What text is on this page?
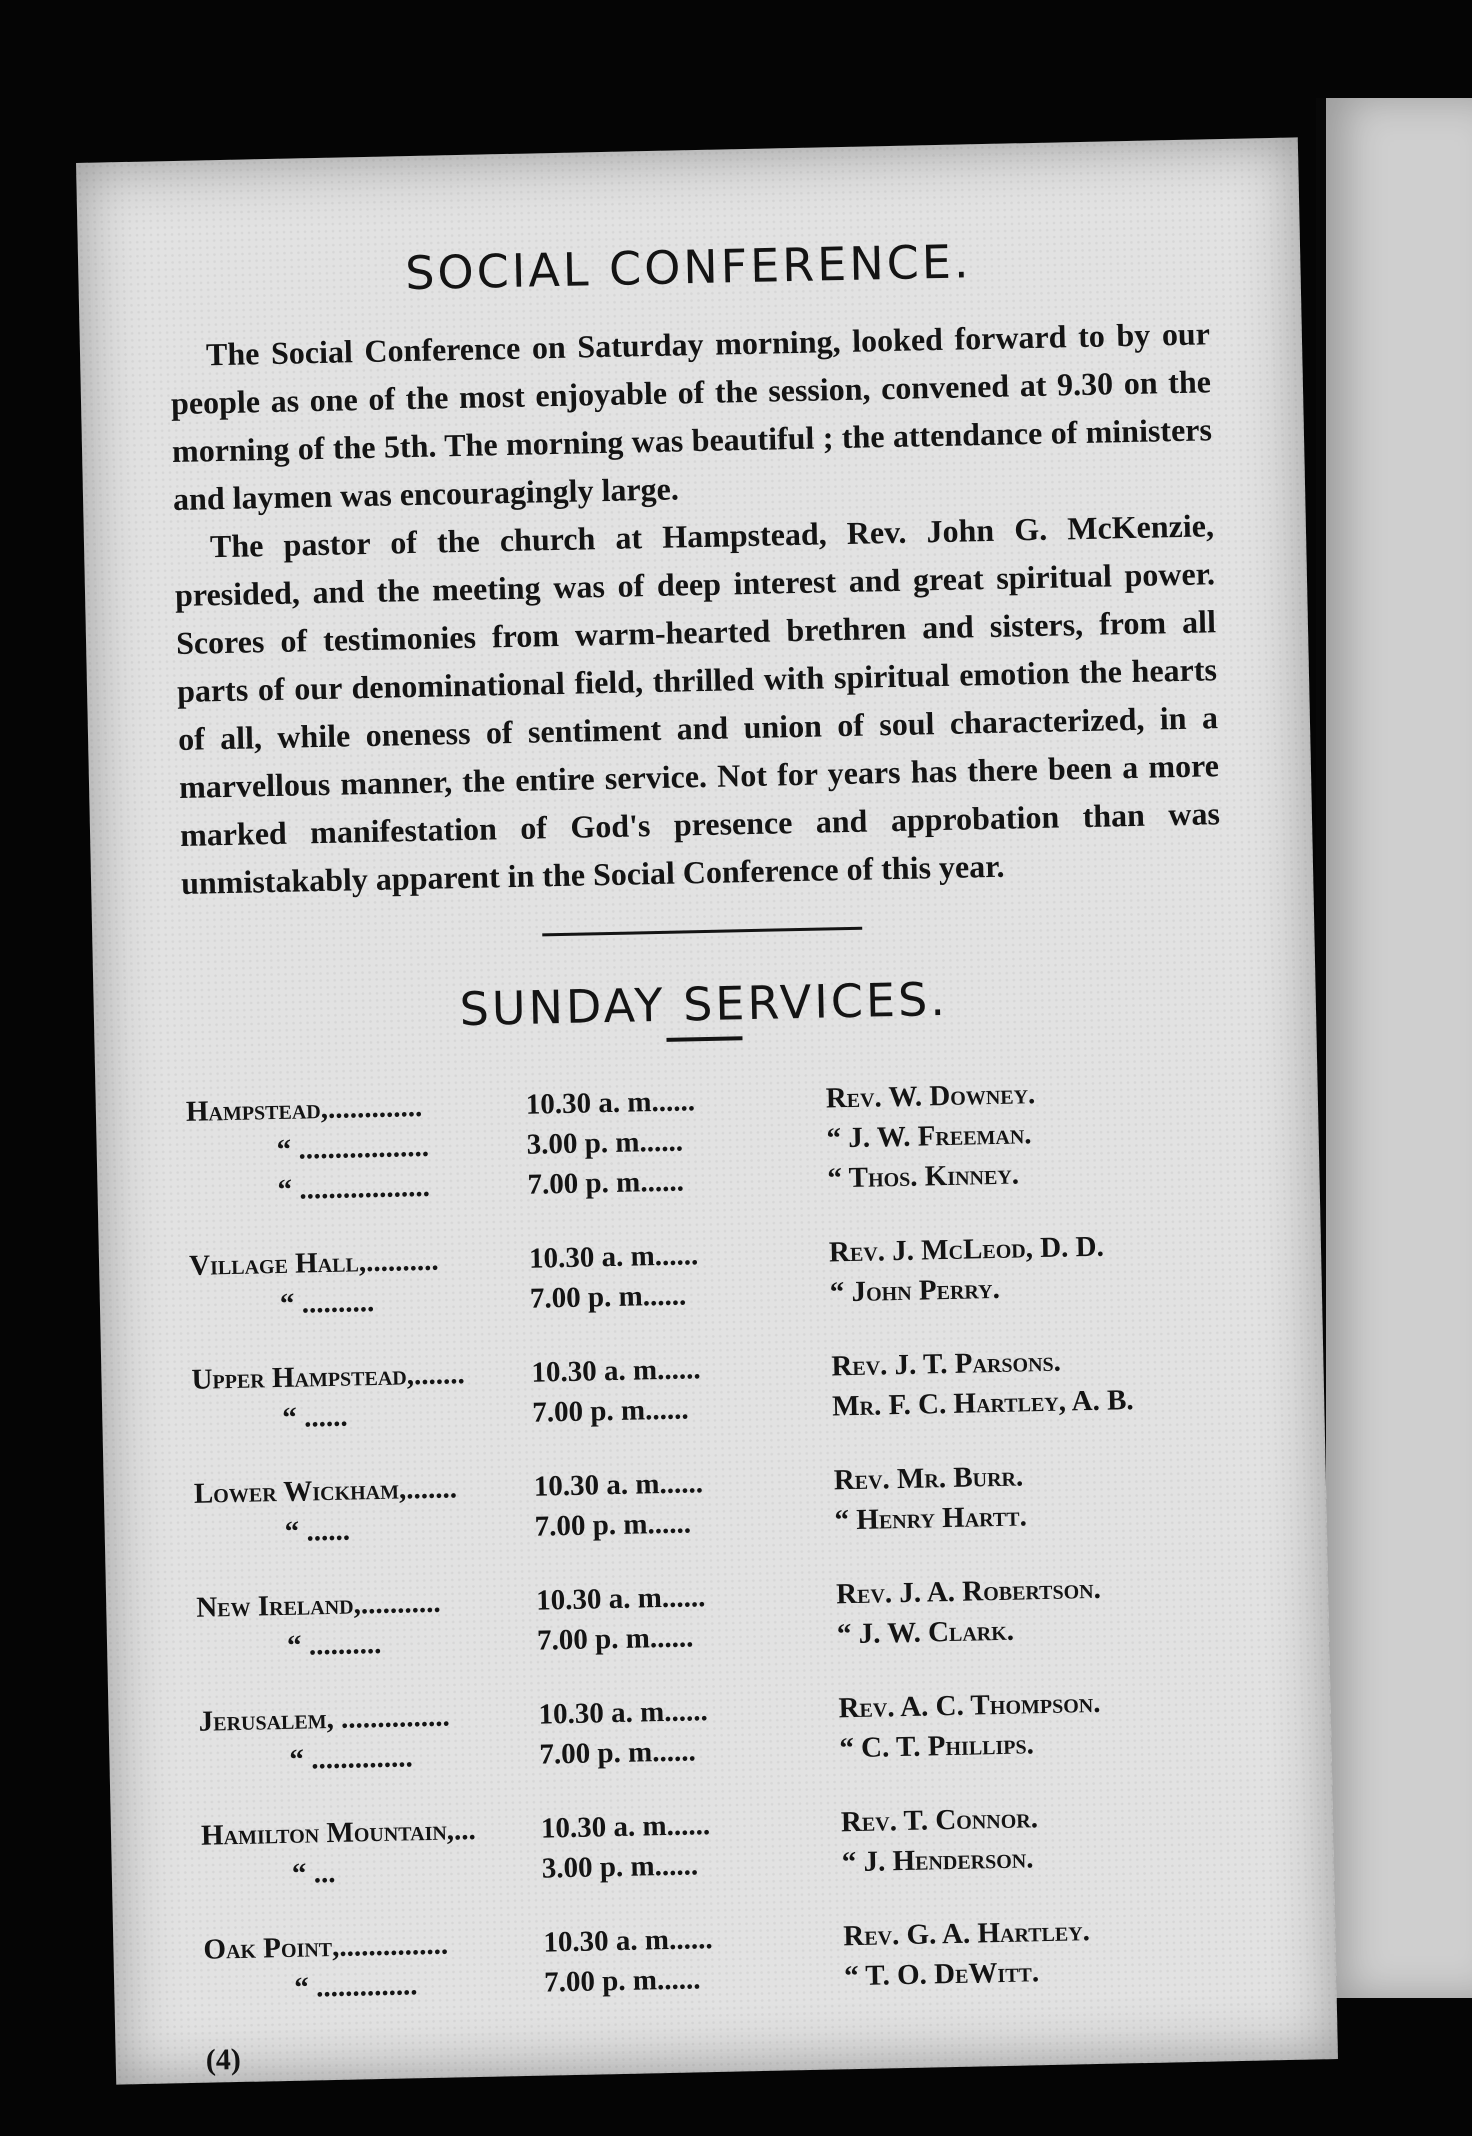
SOCIAL CONFERENCE.

The Social Conference on Saturday morning, looked forward to by our people as one of the most enjoyable of the session, convened at 9.30 on the morning of the 5th. The morning was beautiful ; the attendance of ministers and laymen was encouragingly large.

The pastor of the church at Hampstead, Rev. John G. McKenzie, presided, and the meeting was of deep interest and great spiritual power. Scores of testimonies from warm-hearted brethren and sisters, from all parts of our denominational field, thrilled with spiritual emotion the hearts of all, while oneness of sentiment and union of soul characterized, in a marvellous manner, the entire service. Not for years has there been a more marked manifestation of God's presence and approbation than was unmistakably apparent in the Social Conference of this year.

SUNDAY SERVICES.
Hampstead,.............	10.30 a. m......	Rev. W. Downey.
“ ..................	3.00 p. m......	“ J. W. Freeman.
“ ..................	7.00 p. m......	“ Thos. Kinney.
Village Hall,..........	10.30 a. m......	Rev. J. McLeod, D. D.
“ ..........	7.00 p. m......	“ John Perry.
Upper Hampstead,.......	10.30 a. m......	Rev. J. T. Parsons.
“ ......	7.00 p. m......	Mr. F. C. Hartley, A. B.
Lower Wickham,.......	10.30 a. m......	Rev. Mr. Burr.
“ ......	7.00 p. m......	“ Henry Hartt.
New Ireland,...........	10.30 a. m......	Rev. J. A. Robertson.
“ ..........	7.00 p. m......	“ J. W. Clark.
Jerusalem, ...............	10.30 a. m......	Rev. A. C. Thompson.
“ ..............	7.00 p. m......	“ C. T. Phillips.
Hamilton Mountain,...	10.30 a. m......	Rev. T. Connor.
“ ...	3.00 p. m......	“ J. Henderson.
Oak Point,...............	10.30 a. m......	Rev. G. A. Hartley.
“ ..............	7.00 p. m......	“ T. O. DeWitt.
(4)
